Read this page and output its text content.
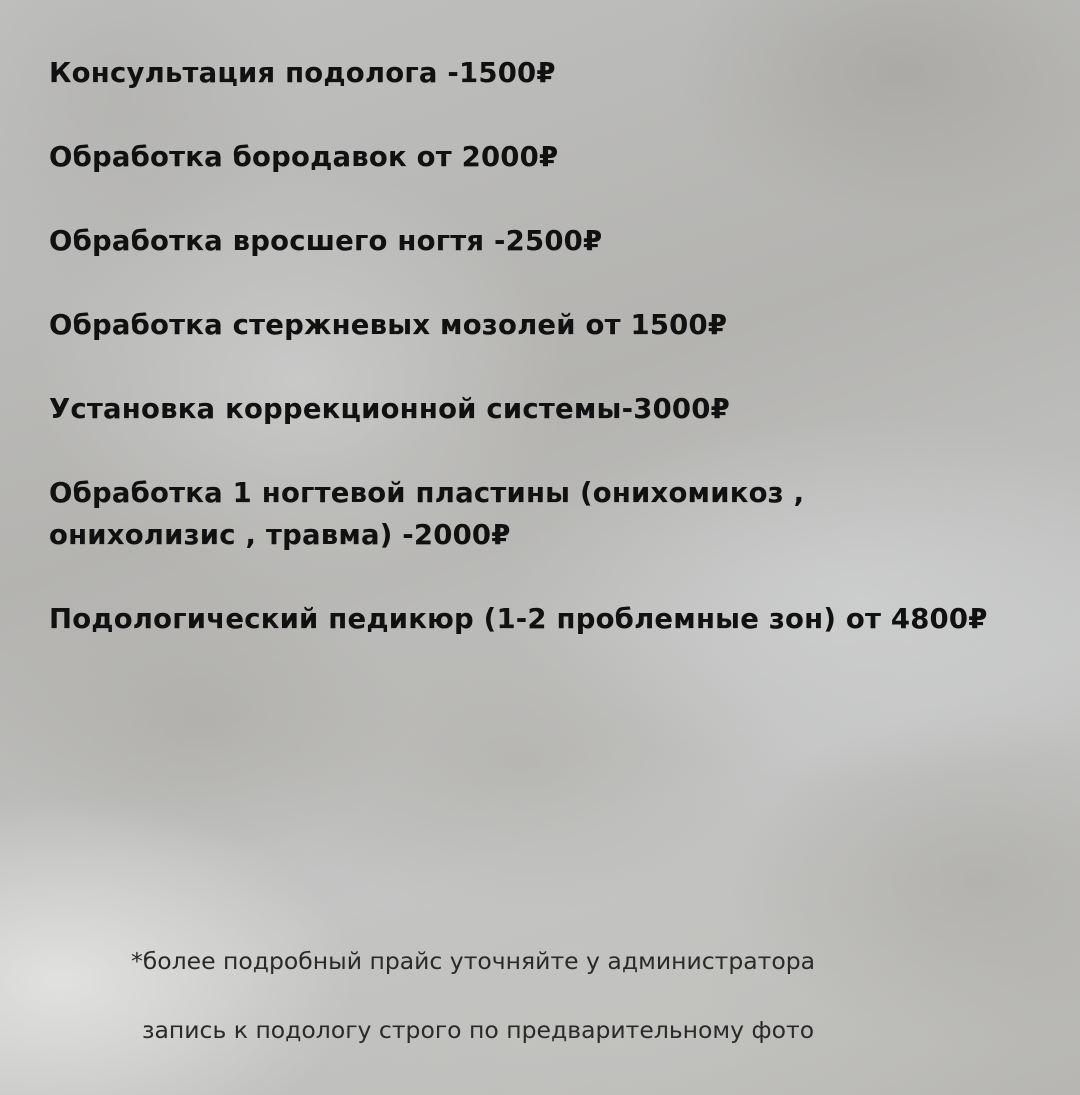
Консультация подолога -1500₽
Обработка бородавок от 2000₽
Обработка вросшего ногтя -2500₽
Обработка стержневых мозолей от 1500₽
Установка коррекционной системы-3000₽
Обработка 1 ногтевой пластины (онихомикоз , онихолизис , травма) -2000₽
Подологический педикюр (1-2 проблемные зон) от 4800₽
*более подробный прайс уточняйте у администратора
запись к подологу строго по предварительному фото
